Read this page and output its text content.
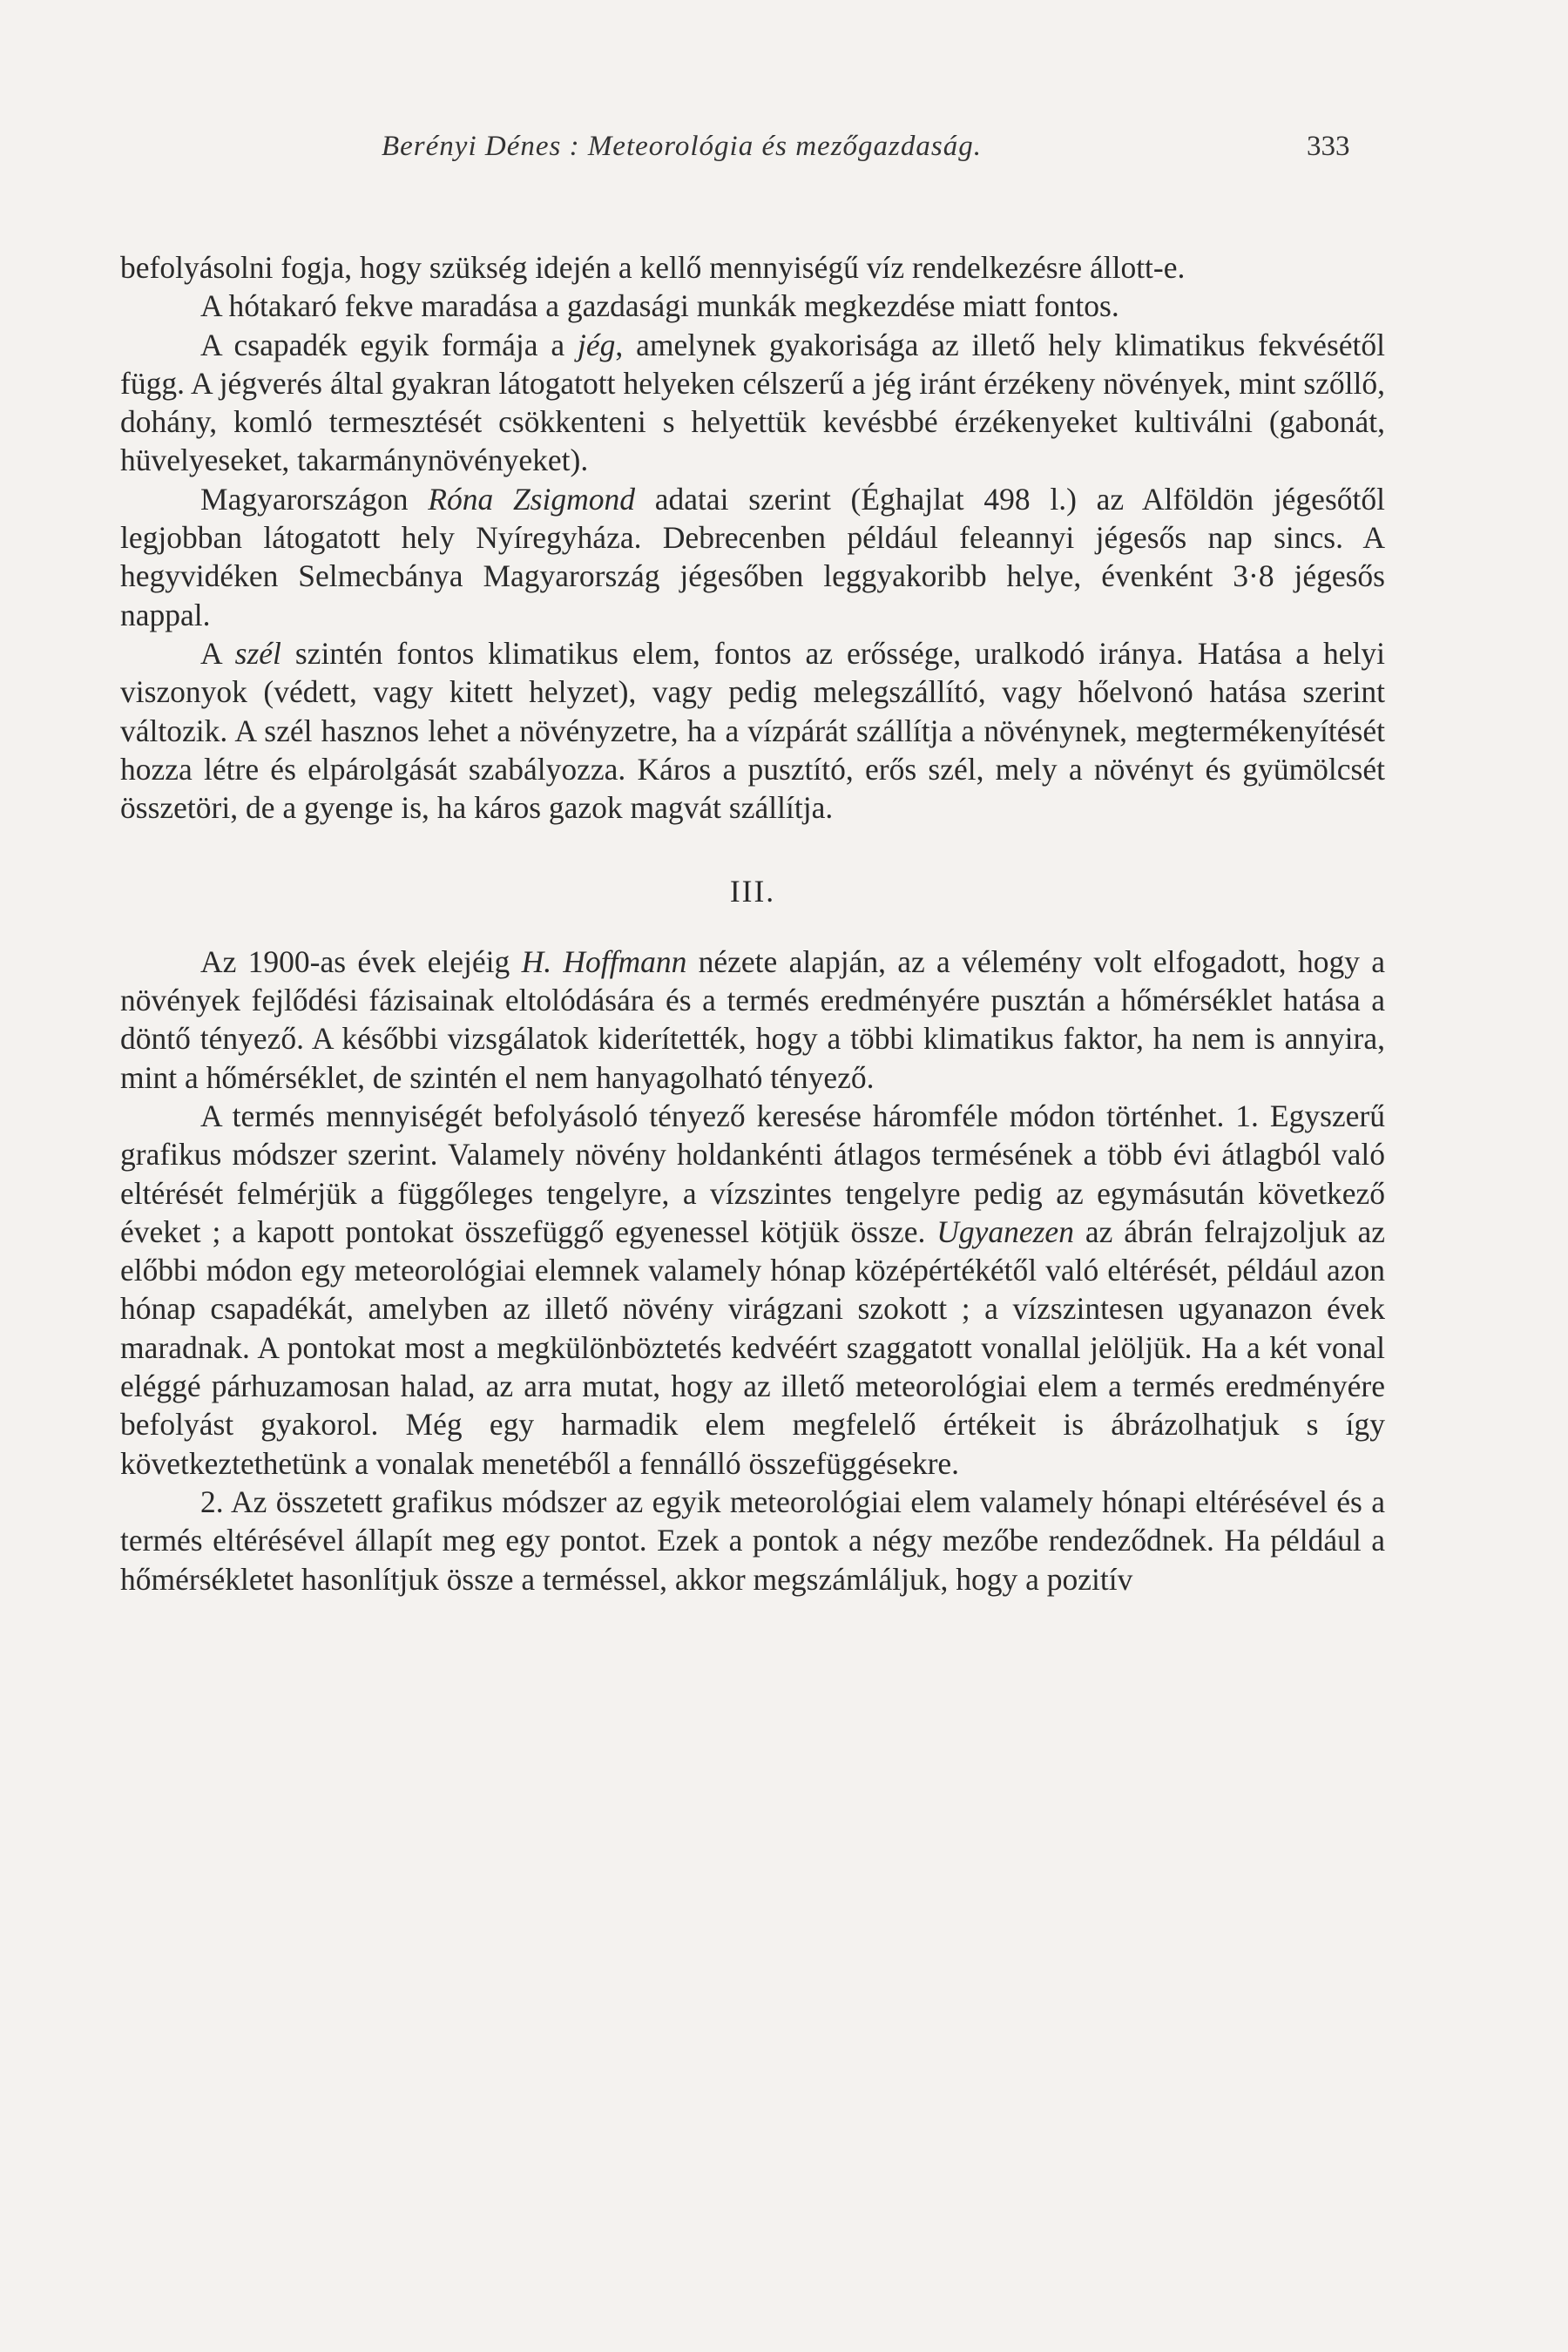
Berényi Dénes : Meteorológia és mezőgazdaság.	333

befolyásolni fogja, hogy szükség idején a kellő mennyiségű víz rendelkezésre állott-e.

A hótakaró fekve maradása a gazdasági munkák megkezdése miatt fontos.

A csapadék egyik formája a jég, amelynek gyakorisága az illető hely klimatikus fekvésétől függ. A jégverés által gyakran látogatott helyeken célszerű a jég iránt érzékeny növények, mint szőllő, dohány, komló termesztését csökkenteni s helyettük kevésbbé érzékenyeket kultiválni (gabonát, hüvelyeseket, takarmánynövényeket).

Magyarországon Róna Zsigmond adatai szerint (Éghajlat 498 l.) az Alföldön jégesőtől legjobban látogatott hely Nyíregyháza. Debrecenben például feleannyi jégesős nap sincs. A hegyvidéken Selmecbánya Magyarország jégesőben leggyakoribb helye, évenként 3·8 jégesős nappal.

A szél szintén fontos klimatikus elem, fontos az erőssége, uralkodó iránya. Hatása a helyi viszonyok (védett, vagy kitett helyzet), vagy pedig melegszállító, vagy hőelvonó hatása szerint változik. A szél hasznos lehet a növényzetre, ha a vízpárát szállítja a növénynek, megtermékenyítését hozza létre és elpárolgását szabályozza. Káros a pusztító, erős szél, mely a növényt és gyümölcsét összetöri, de a gyenge is, ha káros gazok magvát szállítja.

III.

Az 1900-as évek elejéig H. Hoffmann nézete alapján, az a vélemény volt elfogadott, hogy a növények fejlődési fázisainak eltolódására és a termés eredményére pusztán a hőmérséklet hatása a döntő tényező. A későbbi vizsgálatok kiderítették, hogy a többi klimatikus faktor, ha nem is annyira, mint a hőmérséklet, de szintén el nem hanyagolható tényező.

A termés mennyiségét befolyásoló tényező keresése háromféle módon történhet. 1. Egyszerű grafikus módszer szerint. Valamely növény holdankénti átlagos termésének a több évi átlagból való eltérését felmérjük a függőleges tengelyre, a vízszintes tengelyre pedig az egymásután következő éveket ; a kapott pontokat összefüggő egyenessel kötjük össze. Ugyanezen az ábrán felrajzoljuk az előbbi módon egy meteorológiai elemnek valamely hónap középértékétől való eltérését, például azon hónap csapadékát, amelyben az illető növény virágzani szokott ; a vízszintesen ugyanazon évek maradnak. A pontokat most a megkülönböztetés kedvéért szaggatott vonallal jelöljük. Ha a két vonal eléggé párhuzamosan halad, az arra mutat, hogy az illető meteorológiai elem a termés eredményére befolyást gyakorol. Még egy harmadik elem megfelelő értékeit is ábrázolhatjuk s így következtethetünk a vonalak menetéből a fennálló összefüggésekre.

2. Az összetett grafikus módszer az egyik meteorológiai elem valamely hónapi eltérésével és a termés eltérésével állapít meg egy pontot. Ezek a pontok a négy mezőbe rendeződnek. Ha például a hőmérsékletet hasonlítjuk össze a terméssel, akkor megszámláljuk, hogy a pozitív
